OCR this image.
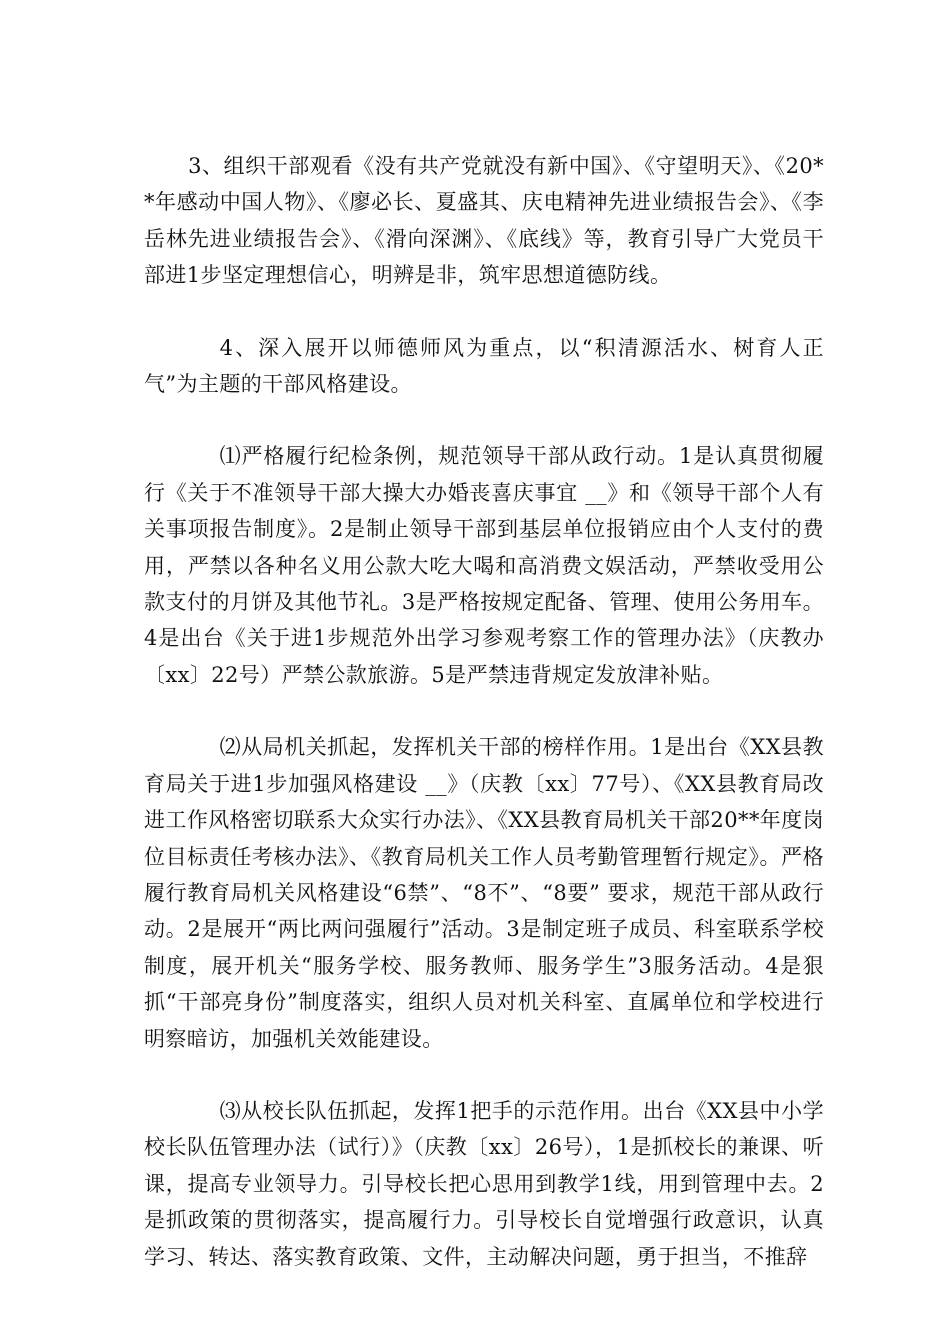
3、组织干部观看《没有共产党就没有新中国》、《守望明天》、《20**年感动中国人物》、《廖必长、夏盛其、庆电精神先进业绩报告会》、《李岳林先进业绩报告会》、《滑向深渊》、《底线》等，教育引导广大党员干部进1步坚定理想信心，明辨是非，筑牢思想道德防线。

4、深入展开以师德师风为重点，以“积清源活水、树育人正气”为主题的干部风格建设。

⑴严格履行纪检条例，规范领导干部从政行动。1是认真贯彻履行《关于不准领导干部大操大办婚丧喜庆事宜 __》和《领导干部个人有关事项报告制度》。2是制止领导干部到基层单位报销应由个人支付的费用，严禁以各种名义用公款大吃大喝和高消费文娱活动，严禁收受用公款支付的月饼及其他节礼。3是严格按规定配备、管理、使用公务用车。4是出台《关于进1步规范外出学习参观考察工作的管理办法》（庆教办〔xx〕22号）严禁公款旅游。5是严禁违背规定发放津补贴。

⑵从局机关抓起，发挥机关干部的榜样作用。1是出台《XX县教育局关于进1步加强风格建设 __》（庆教〔xx〕77号）、《XX县教育局改进工作风格密切联系大众实行办法》、《XX县教育局机关干部20**年度岗位目标责任考核办法》、《教育局机关工作人员考勤管理暂行规定》。严格履行教育局机关风格建设“6禁”、“8不”、“8要” 要求，规范干部从政行动。2是展开“两比两问强履行”活动。3是制定班子成员、科室联系学校制度，展开机关“服务学校、服务教师、服务学生”3服务活动。4是狠抓“干部亮身份”制度落实，组织人员对机关科室、直属单位和学校进行明察暗访，加强机关效能建设。

⑶从校长队伍抓起，发挥1把手的示范作用。出台《XX县中小学校长队伍管理办法（试行）》（庆教〔xx〕26号），1是抓校长的兼课、听课，提高专业领导力。引导校长把心思用到教学1线，用到管理中去。2是抓政策的贯彻落实，提高履行力。引导校长自觉增强行政意识，认真学习、转达、落实教育政策、文件，主动解决问题，勇于担当，不推辞
